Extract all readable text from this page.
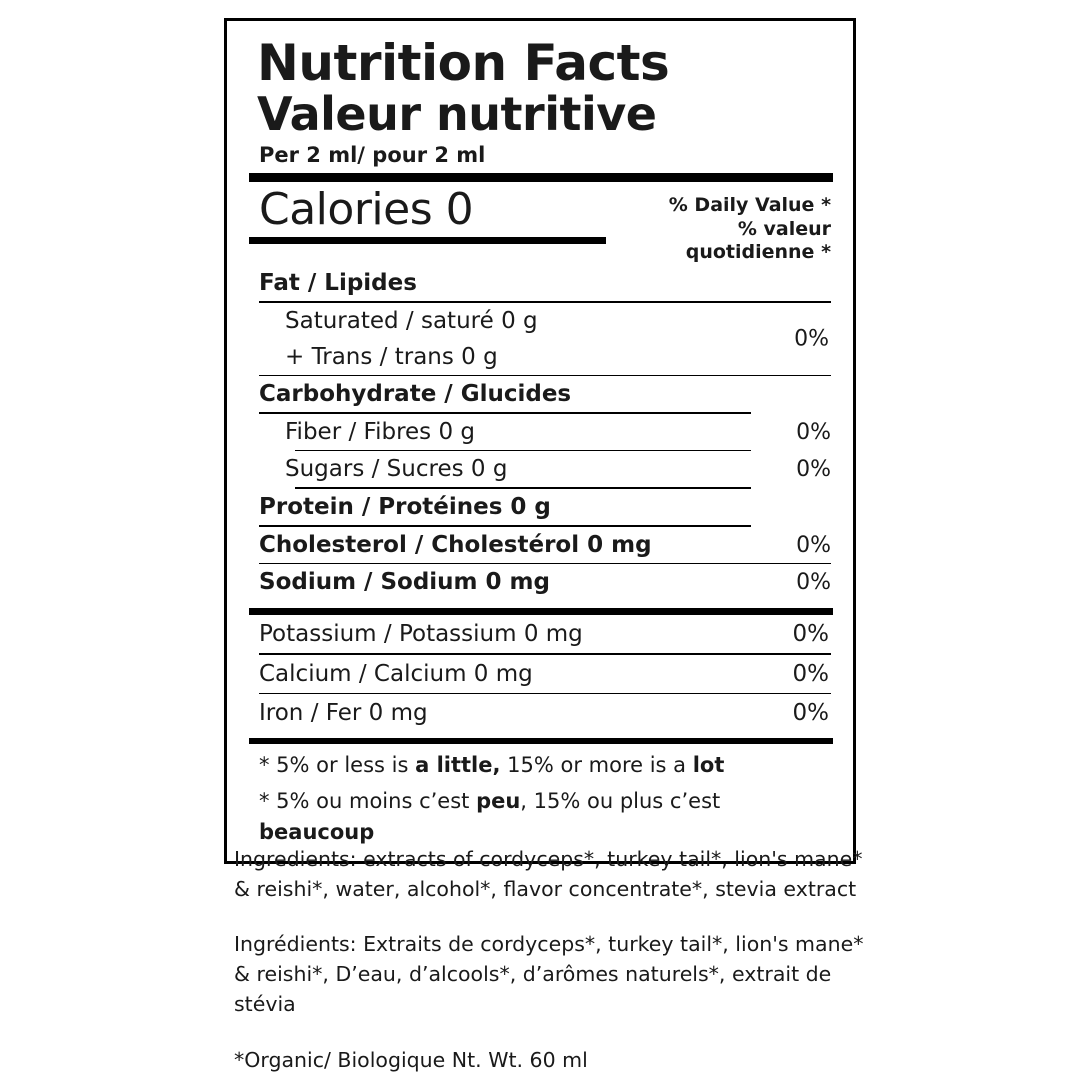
Nutrition Facts
Valeur nutritive
Per 2 ml/ pour 2 ml
Calories 0	% Daily Value *
% valeur quotidienne *
Fat / Lipides
Saturated / saturé 0 g
+ Trans / trans 0 g
0%
Carbohydrate / Glucides
Fiber / Fibres 0 g	0%
Sugars / Sucres 0 g	0%
Protein / Protéines 0 g
Cholesterol / Cholestérol 0 mg	0%
Sodium / Sodium 0 mg	0%
Potassium / Potassium 0 mg	0%
Calcium / Calcium 0 mg	0%
Iron / Fer 0 mg	0%
* 5% or less is a little, 15% or more is a lot
* 5% ou moins c’est peu, 15% ou plus c’est beaucoup
Ingredients: extracts of cordyceps*, turkey tail*, lion's mane*
& reishi*, water, alcohol*, flavor concentrate*, stevia extract
Ingrédients: Extraits de cordyceps*, turkey tail*, lion's mane*
& reishi*, D’eau, d’alcools*, d’arômes naturels*, extrait de stévia
*Organic/ Biologique Nt. Wt. 60 ml
